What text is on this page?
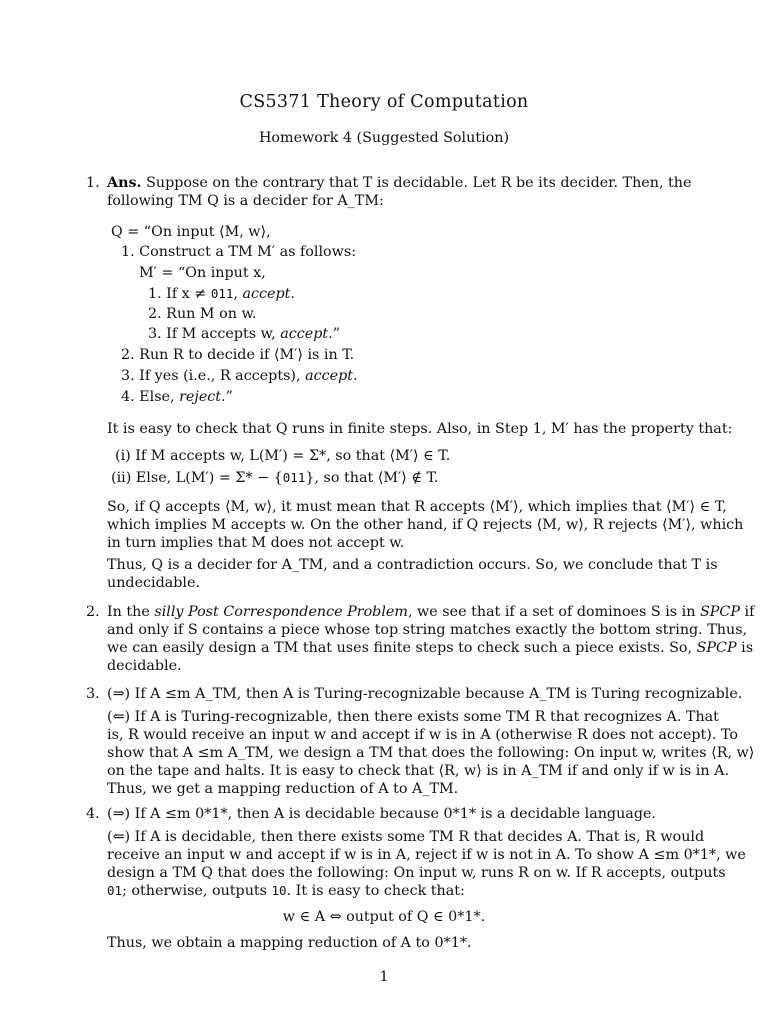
CS5371 Theory of Computation
Homework 4 (Suggested Solution)
1. Ans. Suppose on the contrary that T is decidable. Let R be its decider. Then, the
following TM Q is a decider for A_TM:
Q = “On input ⟨M, w⟩,
1. Construct a TM M′ as follows:
M′ = “On input x,
1. If x ≠ 011, accept.
2. Run M on w.
3. If M accepts w, accept.”
2. Run R to decide if ⟨M′⟩ is in T.
3. If yes (i.e., R accepts), accept.
4. Else, reject.”
It is easy to check that Q runs in finite steps. Also, in Step 1, M′ has the property that:
(i) If M accepts w, L(M′) = Σ*, so that ⟨M′⟩ ∈ T.
(ii) Else, L(M′) = Σ* − {011}, so that ⟨M′⟩ ∉ T.
So, if Q accepts ⟨M, w⟩, it must mean that R accepts ⟨M′⟩, which implies that ⟨M′⟩ ∈ T,
which implies M accepts w. On the other hand, if Q rejects ⟨M, w⟩, R rejects ⟨M′⟩, which
in turn implies that M does not accept w.
Thus, Q is a decider for A_TM, and a contradiction occurs. So, we conclude that T is
undecidable.
2. In the silly Post Correspondence Problem, we see that if a set of dominoes S is in SPCP if
and only if S contains a piece whose top string matches exactly the bottom string. Thus,
we can easily design a TM that uses finite steps to check such a piece exists. So, SPCP is
decidable.
3. (⇒) If A ≤m A_TM, then A is Turing-recognizable because A_TM is Turing recognizable.
(⇐) If A is Turing-recognizable, then there exists some TM R that recognizes A. That
is, R would receive an input w and accept if w is in A (otherwise R does not accept). To
show that A ≤m A_TM, we design a TM that does the following: On input w, writes ⟨R, w⟩
on the tape and halts. It is easy to check that ⟨R, w⟩ is in A_TM if and only if w is in A.
Thus, we get a mapping reduction of A to A_TM.
4. (⇒) If A ≤m 0*1*, then A is decidable because 0*1* is a decidable language.
(⇐) If A is decidable, then there exists some TM R that decides A. That is, R would
receive an input w and accept if w is in A, reject if w is not in A. To show A ≤m 0*1*, we
design a TM Q that does the following: On input w, runs R on w. If R accepts, outputs
01; otherwise, outputs 10. It is easy to check that:
w ∈ A ⇔ output of Q ∈ 0*1*.
Thus, we obtain a mapping reduction of A to 0*1*.
1
